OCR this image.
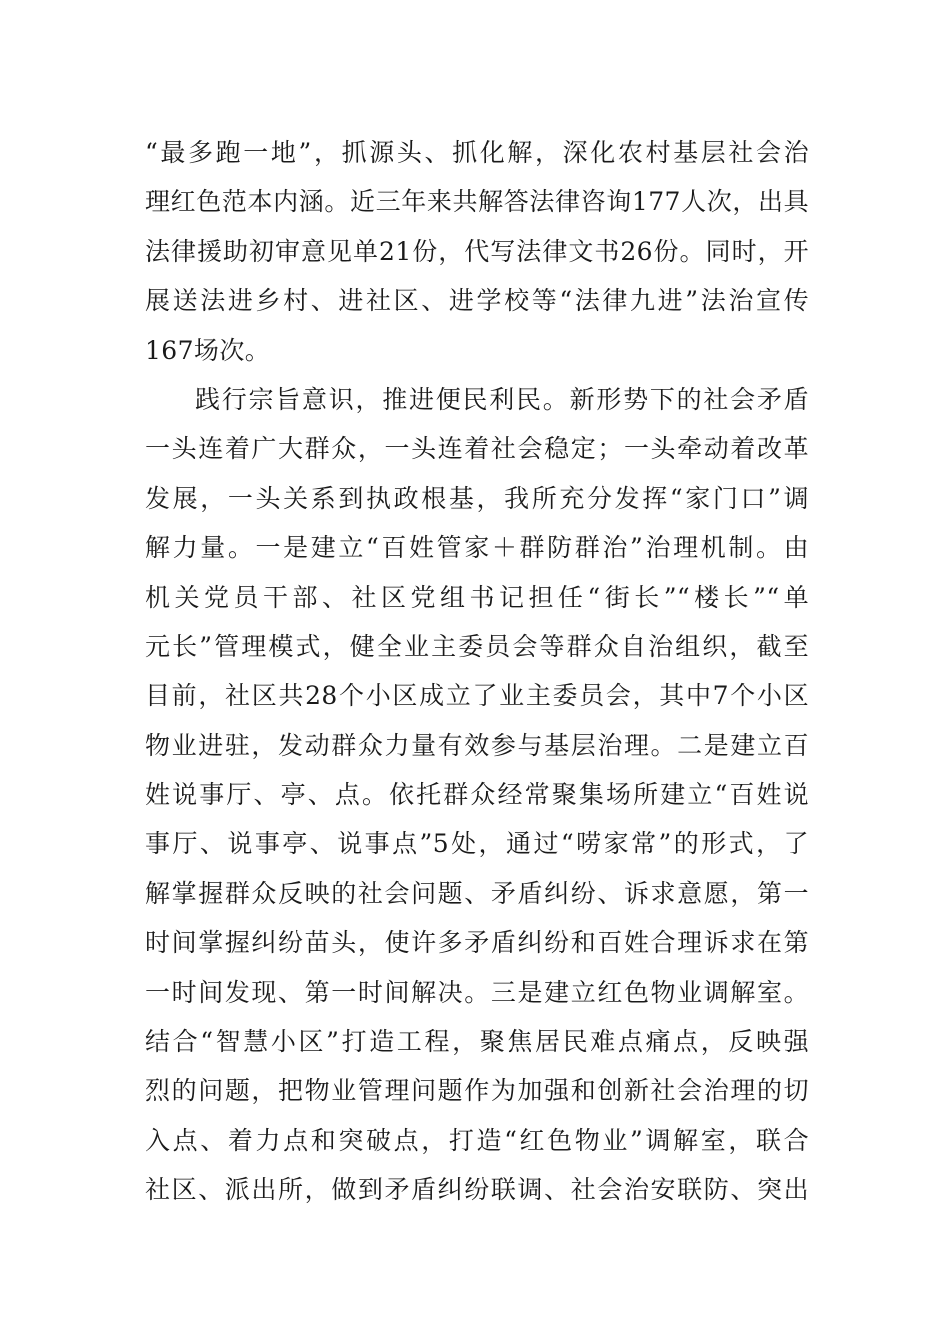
“最多跑一地”，抓源头、抓化解，深化农村基层社会治
理红色范本内涵。近三年来共解答法律咨询177人次，出具
法律援助初审意见单21份，代写法律文书26份。同时，开
展送法进乡村、进社区、进学校等“法律九进”法治宣传
167场次。
践行宗旨意识，推进便民利民。新形势下的社会矛盾
一头连着广大群众，一头连着社会稳定；一头牵动着改革
发展，一头关系到执政根基，我所充分发挥“家门口”调
解力量。一是建立“百姓管家＋群防群治”治理机制。由
机关党员干部、社区党组书记担任“街长”“楼长”“单
元长”管理模式，健全业主委员会等群众自治组织，截至
目前，社区共28个小区成立了业主委员会，其中7个小区
物业进驻，发动群众力量有效参与基层治理。二是建立百
姓说事厅、亭、点。依托群众经常聚集场所建立“百姓说
事厅、说事亭、说事点”5处，通过“唠家常”的形式，了
解掌握群众反映的社会问题、矛盾纠纷、诉求意愿，第一
时间掌握纠纷苗头，使许多矛盾纠纷和百姓合理诉求在第
一时间发现、第一时间解决。三是建立红色物业调解室。
结合“智慧小区”打造工程，聚焦居民难点痛点，反映强
烈的问题，把物业管理问题作为加强和创新社会治理的切
入点、着力点和突破点，打造“红色物业”调解室，联合
社区、派出所，做到矛盾纠纷联调、社会治安联防、突出
